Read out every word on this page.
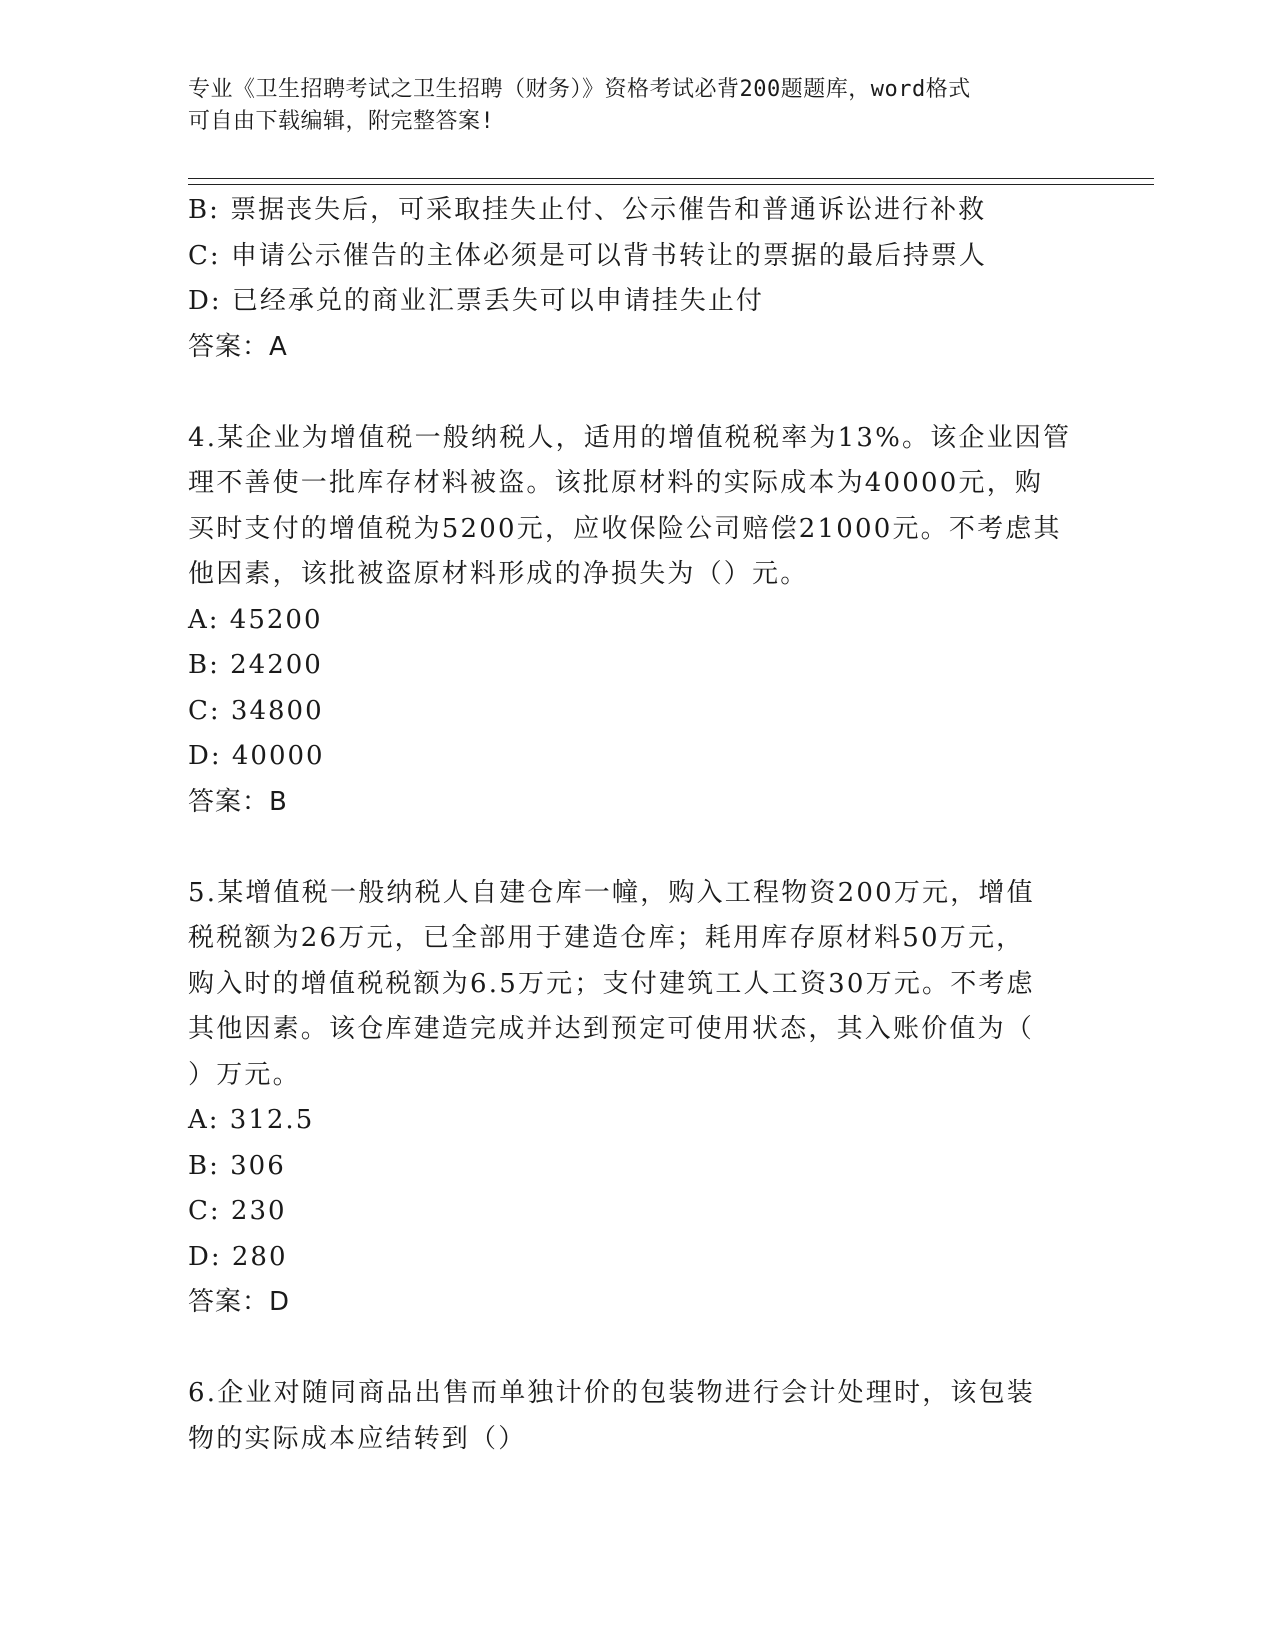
专业《卫生招聘考试之卫生招聘（财务）》资格考试必背200题题库，word格式
可自由下载编辑，附完整答案!
B: 票据丧失后，可采取挂失止付、公示催告和普通诉讼进行补救
C: 申请公示催告的主体必须是可以背书转让的票据的最后持票人
D: 已经承兑的商业汇票丢失可以申请挂失止付
答案：A
4.某企业为增值税一般纳税人，适用的增值税税率为13%。该企业因管
理不善使一批库存材料被盗。该批原材料的实际成本为40000元，购
买时支付的增值税为5200元，应收保险公司赔偿21000元。不考虑其
他因素，该批被盗原材料形成的净损失为（）元。
A: 45200
B: 24200
C: 34800
D: 40000
答案：B
5.某增值税一般纳税人自建仓库一幢，购入工程物资200万元，增值
税税额为26万元，已全部用于建造仓库；耗用库存原材料50万元，
购入时的增值税税额为6.5万元；支付建筑工人工资30万元。不考虑
其他因素。该仓库建造完成并达到预定可使用状态，其入账价值为（
）万元。
A: 312.5
B: 306
C: 230
D: 280
答案：D
6.企业对随同商品出售而单独计价的包装物进行会计处理时，该包装
物的实际成本应结转到（）
